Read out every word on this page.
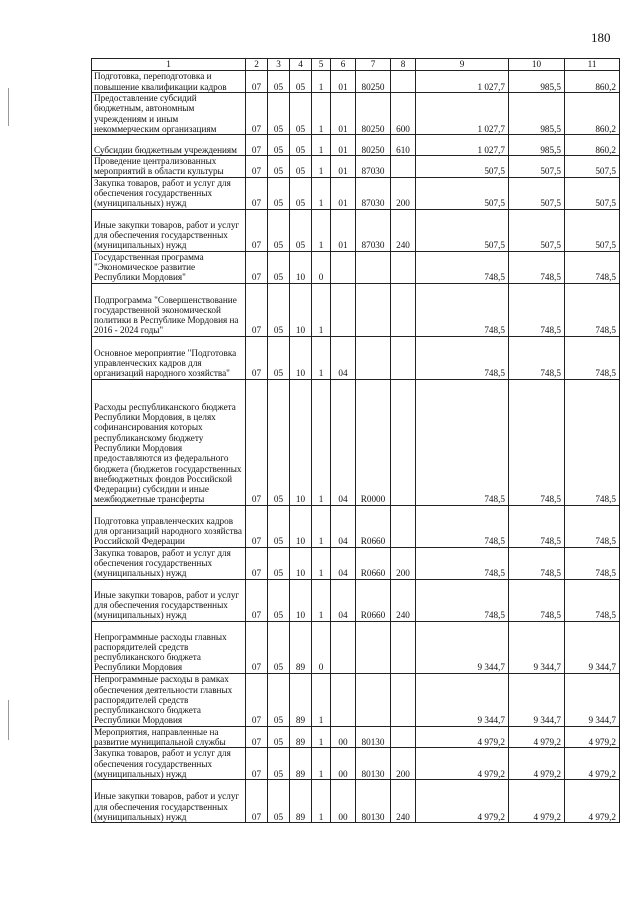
180
1	2	3	4	5	6	7	8	9	10	11
Подготовка, переподготовка и повышение квалификации кадров	07	05	05	1	01	80250		1 027,7	985,5	860,2
Предоставление субсидий бюджетным, автономным учреждениям и иным некоммерческим организациям	07	05	05	1	01	80250	600	1 027,7	985,5	860,2
Субсидии бюджетным учреждениям	07	05	05	1	01	80250	610	1 027,7	985,5	860,2
Проведение централизованных мероприятий в области культуры	07	05	05	1	01	87030		507,5	507,5	507,5
Закупка товаров, работ и услуг для обеспечения государственных (муниципальных) нужд	07	05	05	1	01	87030	200	507,5	507,5	507,5
Иные закупки товаров, работ и услуг для обеспечения государственных (муниципальных) нужд	07	05	05	1	01	87030	240	507,5	507,5	507,5
Государственная программа "Экономическое развитие Республики Мордовия"	07	05	10	0				748,5	748,5	748,5
Подпрограмма "Совершенствование государственной экономической политики в Республике Мордовия на 2016 - 2024 годы"	07	05	10	1				748,5	748,5	748,5
Основное мероприятие "Подготовка управленческих кадров для организаций народного хозяйства"	07	05	10	1	04			748,5	748,5	748,5
Расходы республиканского бюджета Республики Мордовия, в целях софинансирования которых республиканскому бюджету Республики Мордовия предоставляются из федерального бюджета (бюджетов государственных внебюджетных фондов Российской Федерации) субсидии и иные межбюджетные трансферты	07	05	10	1	04	R0000		748,5	748,5	748,5
Подготовка управленческих кадров для организаций народного хозяйства Российской Федерации	07	05	10	1	04	R0660		748,5	748,5	748,5
Закупка товаров, работ и услуг для обеспечения государственных (муниципальных) нужд	07	05	10	1	04	R0660	200	748,5	748,5	748,5
Иные закупки товаров, работ и услуг для обеспечения государственных (муниципальных) нужд	07	05	10	1	04	R0660	240	748,5	748,5	748,5
Непрограммные расходы главных распорядителей средств республиканского бюджета Республики Мордовия	07	05	89	0				9 344,7	9 344,7	9 344,7
Непрограммные расходы в рамках обеспечения деятельности главных распорядителей средств республиканского бюджета Республики Мордовия	07	05	89	1				9 344,7	9 344,7	9 344,7
Мероприятия, направленные на развитие муниципальной службы	07	05	89	1	00	80130		4 979,2	4 979,2	4 979,2
Закупка товаров, работ и услуг для обеспечения государственных (муниципальных) нужд	07	05	89	1	00	80130	200	4 979,2	4 979,2	4 979,2
Иные закупки товаров, работ и услуг для обеспечения государственных (муниципальных) нужд	07	05	89	1	00	80130	240	4 979,2	4 979,2	4 979,2
